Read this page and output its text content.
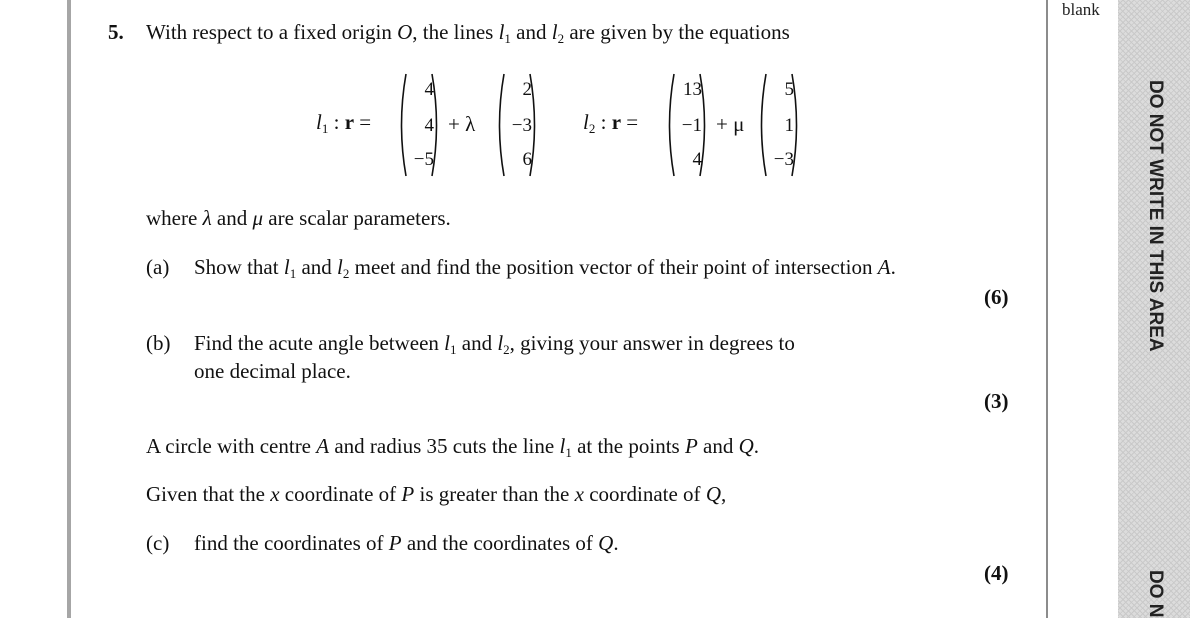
blank
DO NOT WRITE IN THIS AREA
DO N
5. With respect to a fixed origin O, the lines $l_1$ and $l_2$ are given by the equations
$l_1$ : r =
4
4
−5
+ λ
2
−3
6
$l_2$ : r =
13
−1
4
+ μ
5
1
−3
where λ and μ are scalar parameters.
(a) Show that $l_1$ and $l_2$ meet and find the position vector of their point of intersection A.
(6)
(b) Find the acute angle between $l_1$ and $l_2$, giving your answer in degrees to
one decimal place.
(3)
A circle with centre A and radius 35 cuts the line $l_1$ at the points P and Q.
Given that the x coordinate of P is greater than the x coordinate of Q,
(c) find the coordinates of P and the coordinates of Q.
(4)
